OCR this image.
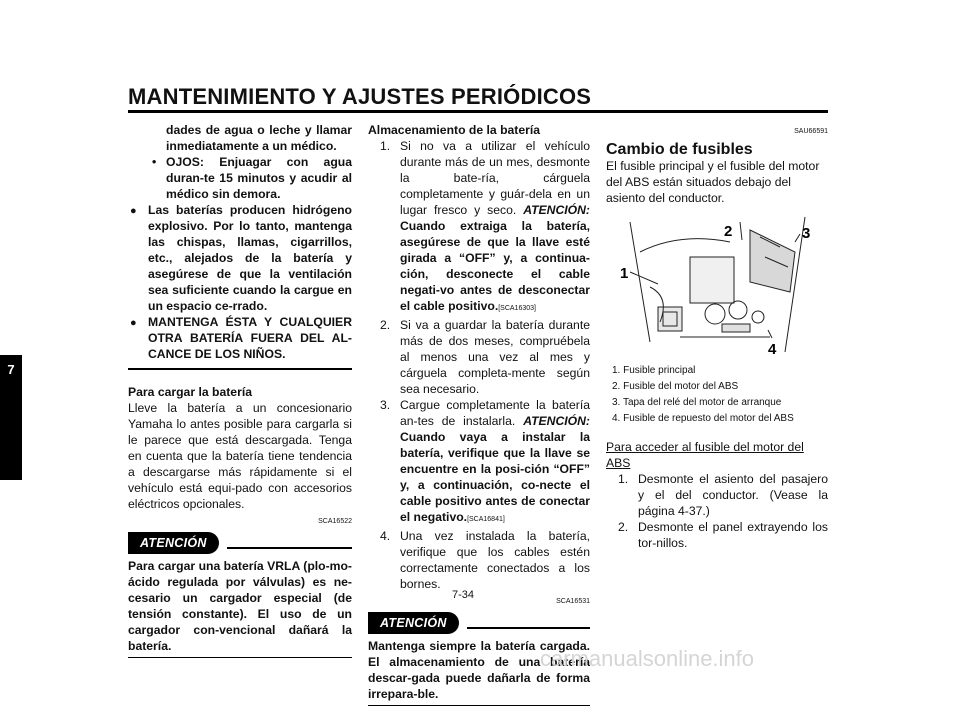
MANTENIMIENTO Y AJUSTES PERIÓDICOS
7
dades de agua o leche y llamar inmediatamente a un médico.
• OJOS: Enjuagar con agua duran-te 15 minutos y acudir al médico sin demora.
● Las baterías producen hidrógeno explosivo. Por lo tanto, mantenga las chispas, llamas, cigarrillos, etc., alejados de la batería y asegúrese de que la ventilación sea suficiente cuando la cargue en un espacio ce-rrado.
● MANTENGA ÉSTA Y CUALQUIER OTRA BATERÍA FUERA DEL AL-CANCE DE LOS NIÑOS.
Para cargar la batería
Lleve la batería a un concesionario Yamaha lo antes posible para cargarla si le parece que está descargada. Tenga en cuenta que la batería tiene tendencia a descargarse más rápidamente si el vehículo está equi-pado con accesorios eléctricos opcionales.
SCA16522
ATENCIÓN
Para cargar una batería VRLA (plo-mo-ácido regulada por válvulas) es ne-cesario un cargador especial (de tensión constante). El uso de un cargador con-vencional dañará la batería.
Almacenamiento de la batería
1. Si no va a utilizar el vehículo durante más de un mes, desmonte la bate-ría, cárguela completamente y guár-dela en un lugar fresco y seco. ATENCIÓN: Cuando extraiga la batería, asegúrese de que la llave esté girada a “OFF” y, a continua-ción, desconecte el cable negati-vo antes de desconectar el cable positivo.[SCA16303]
2. Si va a guardar la batería durante más de dos meses, compruébela al menos una vez al mes y cárguela completa-mente según sea necesario.
3. Cargue completamente la batería an-tes de instalarla. ATENCIÓN: Cuando vaya a instalar la batería, verifique que la llave se encuentre en la posi-ción “OFF” y, a continuación, co-necte el cable positivo antes de conectar el negativo.[SCA16841]
4. Una vez instalada la batería, verifique que los cables estén correctamente conectados a los bornes.
SCA16531
ATENCIÓN
Mantenga siempre la batería cargada. El almacenamiento de una batería descar-gada puede dañarla de forma irrepara-ble.
SAU66591
Cambio de fusibles
El fusible principal y el fusible del motor del ABS están situados debajo del asiento del conductor.
2	3
1
4
1. Fusible principal
2. Fusible del motor del ABS
3. Tapa del relé del motor de arranque
4. Fusible de repuesto del motor del ABS
Para acceder al fusible del motor del ABS
1. Desmonte el asiento del pasajero y el del conductor. (Vease la página 4-37.)
2. Desmonte el panel extrayendo los tor-nillos.
7-34
carmanualsonline.info
